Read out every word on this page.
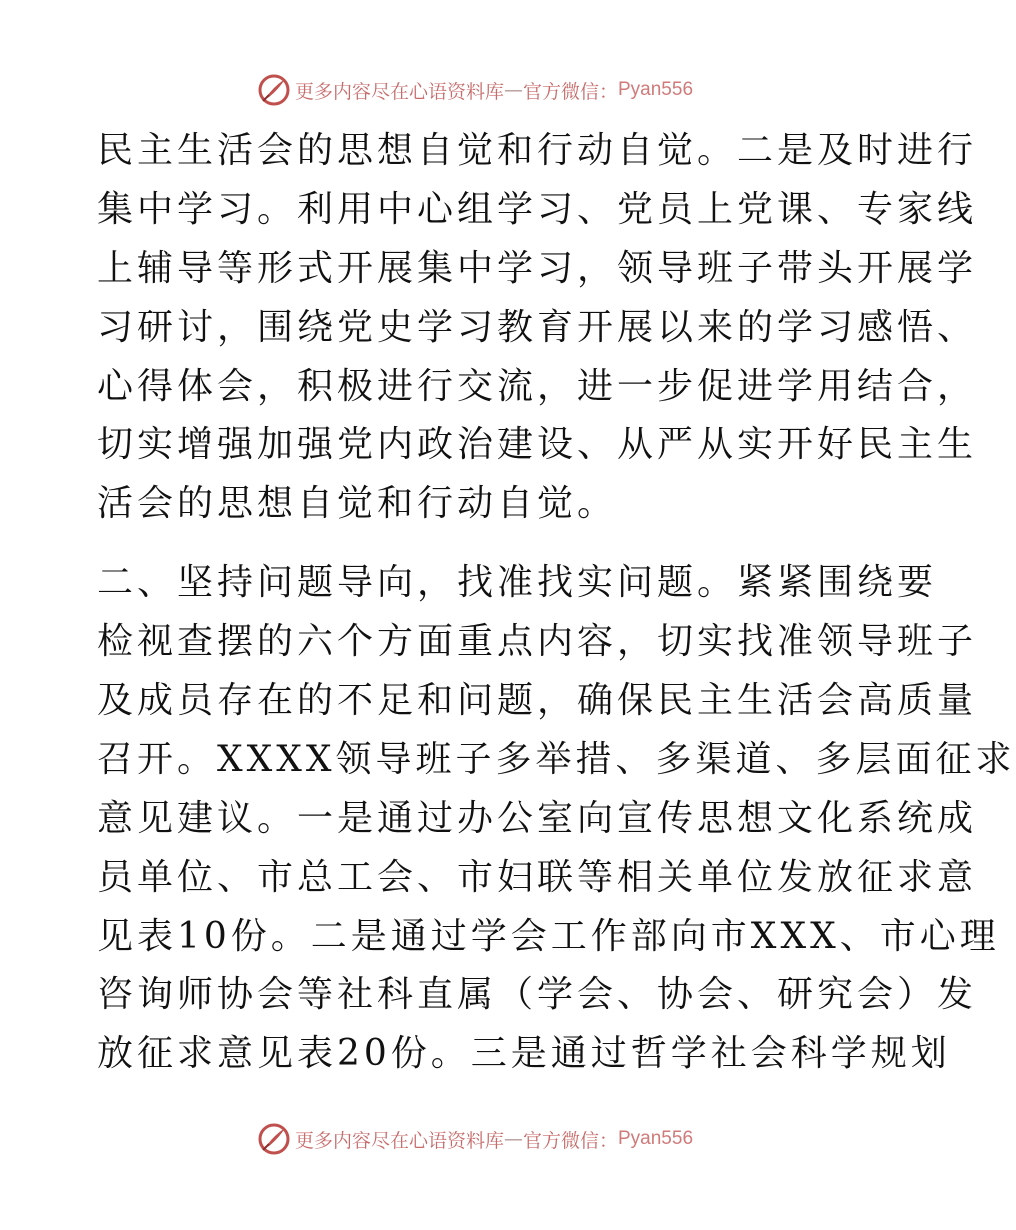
更多内容尽在心语资料库 — 官方微信： Pyan556
民主生活会的思想自觉和行动自觉。二是及时进行
集中学习。利用中心组学习、党员上党课、专家线
上辅导等形式开展集中学习，领导班子带头开展学
习研讨，围绕党史学习教育开展以来的学习感悟、
心得体会，积极进行交流，进一步促进学用结合，
切实增强加强党内政治建设、从严从实开好民主生
活会的思想自觉和行动自觉。
二、坚持问题导向，找准找实问题。紧紧围绕要
检视查摆的六个方面重点内容，切实找准领导班子
及成员存在的不足和问题，确保民主生活会高质量
召开。XXXX领导班子多举措、多渠道、多层面征求
意见建议。一是通过办公室向宣传思想文化系统成
员单位、市总工会、市妇联等相关单位发放征求意
见表10份。二是通过学会工作部向市XXX、市心理
咨询师协会等社科直属（学会、协会、研究会）发
放征求意见表20份。三是通过哲学社会科学规划
更多内容尽在心语资料库 — 官方微信： Pyan556
